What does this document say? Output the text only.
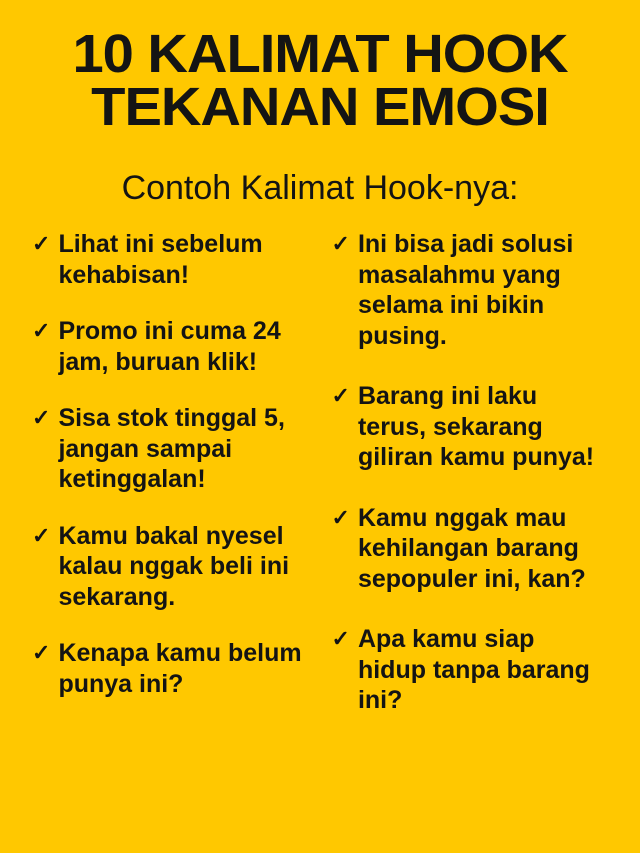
10 KALIMAT HOOK
TEKANAN EMOSI
Contoh Kalimat Hook-nya:
✓ Lihat ini sebelum kehabisan!
✓ Promo ini cuma 24 jam, buruan klik!
✓ Sisa stok tinggal 5, jangan sampai ketinggalan!
✓ Kamu bakal nyesel kalau nggak beli ini sekarang.
✓ Kenapa kamu belum punya ini?
✓ Ini bisa jadi solusi masalahmu yang selama ini bikin pusing.
✓ Barang ini laku terus, sekarang giliran kamu punya!
✓ Kamu nggak mau kehilangan barang sepopuler ini, kan?
✓ Apa kamu siap hidup tanpa barang ini?
